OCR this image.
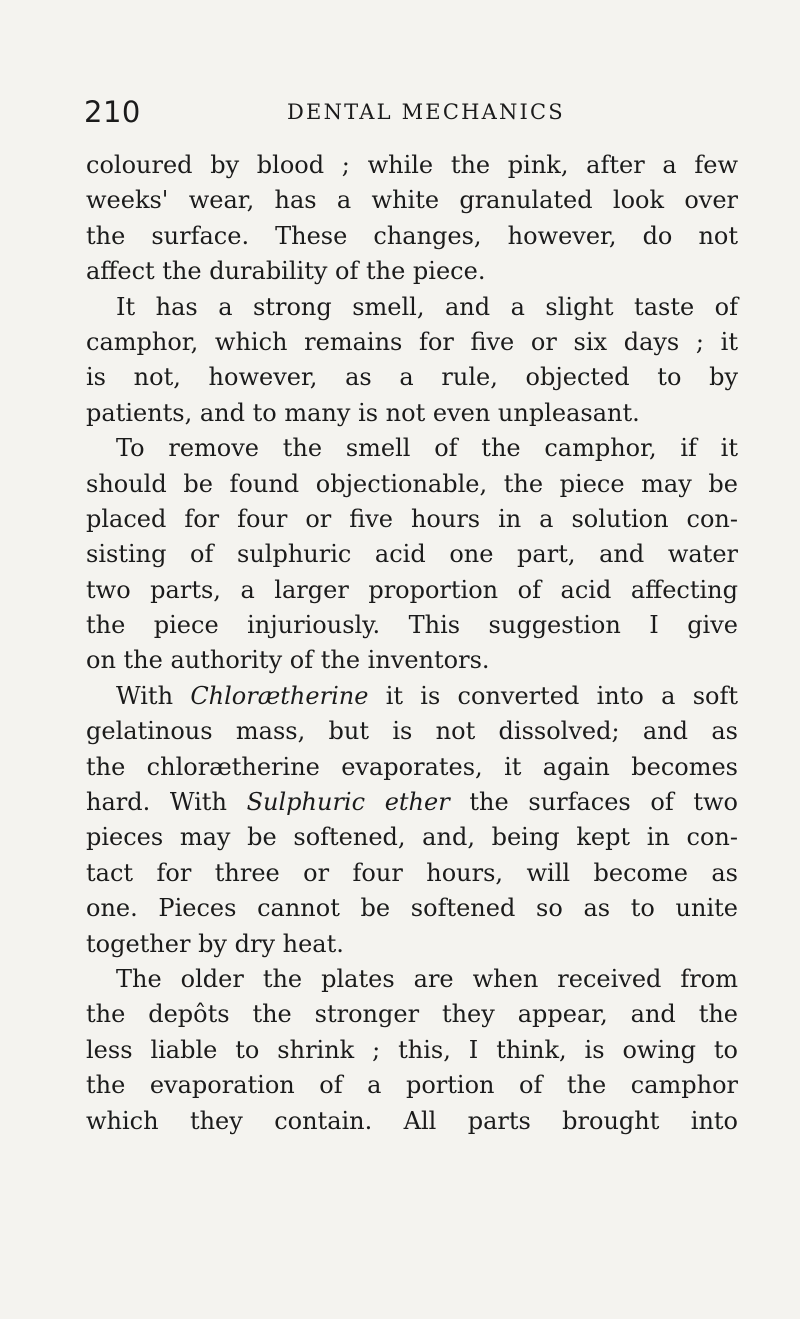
210	DENTAL MECHANICS
coloured by blood ; while the pink, after a few
weeks' wear, has a white granulated look over
the surface. These changes, however, do not
affect the durability of the piece.
It has a strong smell, and a slight taste of
camphor, which remains for five or six days ; it
is not, however, as a rule, objected to by
patients, and to many is not even unpleasant.
To remove the smell of the camphor, if it
should be found objectionable, the piece may be
placed for four or five hours in a solution con-
sisting of sulphuric acid one part, and water
two parts, a larger proportion of acid affecting
the piece injuriously. This suggestion I give
on the authority of the inventors.
With Chlorætherine it is converted into a soft
gelatinous mass, but is not dissolved; and as
the chlorætherine evaporates, it again becomes
hard. With Sulphuric ether the surfaces of two
pieces may be softened, and, being kept in con-
tact for three or four hours, will become as
one. Pieces cannot be softened so as to unite
together by dry heat.
The older the plates are when received from
the depôts the stronger they appear, and the
less liable to shrink ; this, I think, is owing to
the evaporation of a portion of the camphor
which they contain. All parts brought into
